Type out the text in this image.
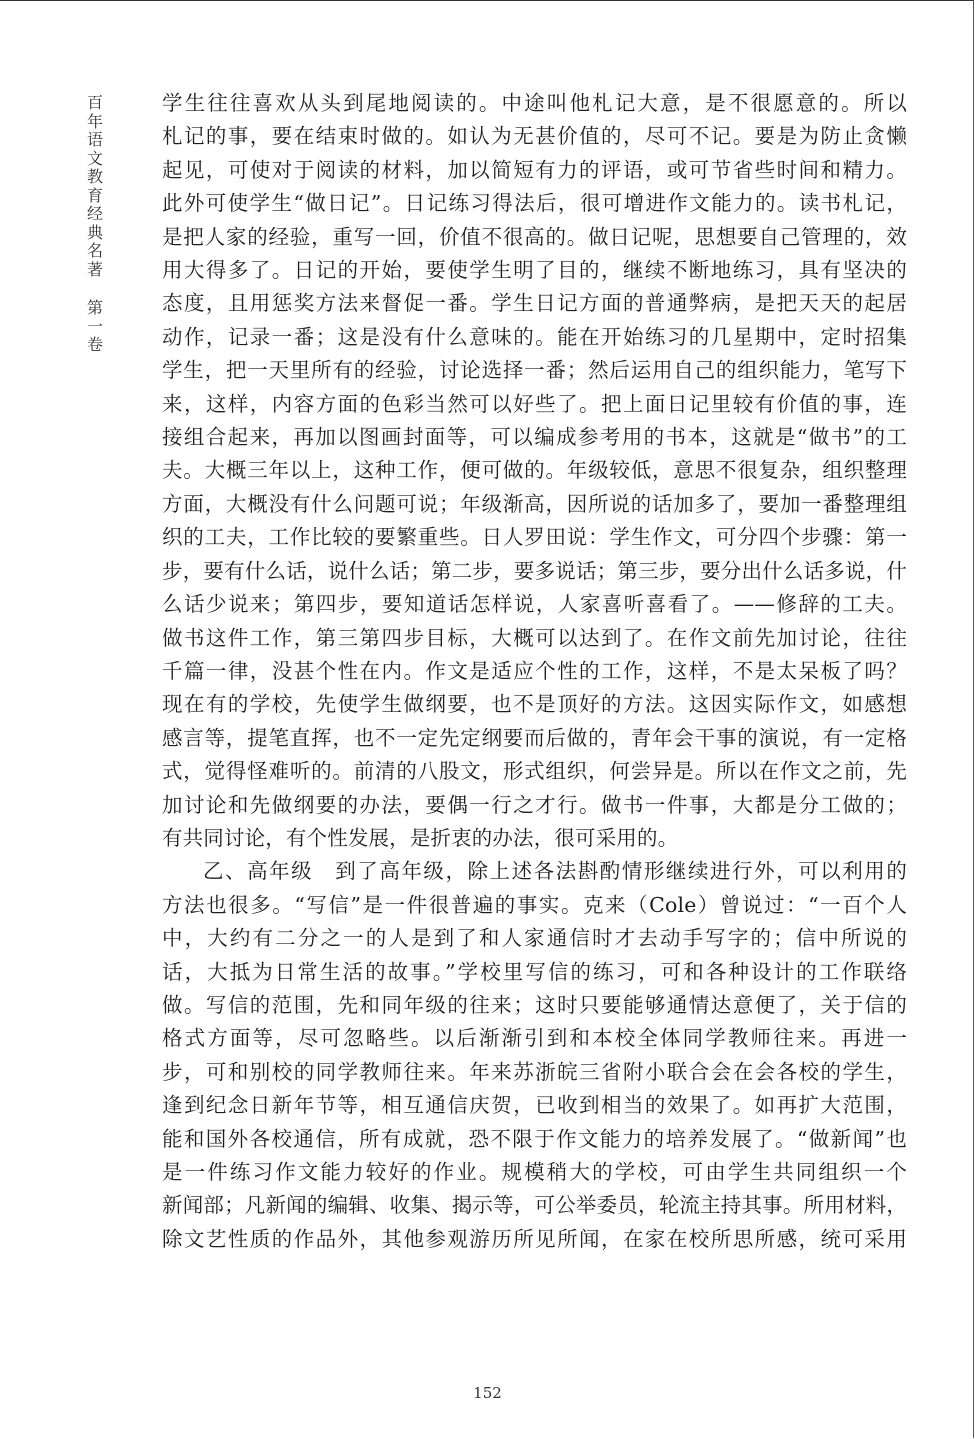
百
年
语
文
教
育
经
典
名
著
第
一
卷
学生往往喜欢从头到尾地阅读的。中途叫他札记大意，是不很愿意的。所以
札记的事，要在结束时做的。如认为无甚价值的，尽可不记。要是为防止贪懒
起见，可使对于阅读的材料，加以简短有力的评语，或可节省些时间和精力。
此外可使学生“做日记”。日记练习得法后，很可增进作文能力的。读书札记，
是把人家的经验，重写一回，价值不很高的。做日记呢，思想要自己管理的，效
用大得多了。日记的开始，要使学生明了目的，继续不断地练习，具有坚决的
态度，且用惩奖方法来督促一番。学生日记方面的普通弊病，是把天天的起居
动作，记录一番；这是没有什么意味的。能在开始练习的几星期中，定时招集
学生，把一天里所有的经验，讨论选择一番；然后运用自己的组织能力，笔写下
来，这样，内容方面的色彩当然可以好些了。把上面日记里较有价值的事，连
接组合起来，再加以图画封面等，可以编成参考用的书本，这就是“做书”的工
夫。大概三年以上，这种工作，便可做的。年级较低，意思不很复杂，组织整理
方面，大概没有什么问题可说；年级渐高，因所说的话加多了，要加一番整理组
织的工夫，工作比较的要繁重些。日人罗田说：学生作文，可分四个步骤：第一
步，要有什么话，说什么话；第二步，要多说话；第三步，要分出什么话多说，什
么话少说来；第四步，要知道话怎样说，人家喜听喜看了。——修辞的工夫。
做书这件工作，第三第四步目标，大概可以达到了。在作文前先加讨论，往往
千篇一律，没甚个性在内。作文是适应个性的工作，这样，不是太呆板了吗？
现在有的学校，先使学生做纲要，也不是顶好的方法。这因实际作文，如感想
感言等，提笔直挥，也不一定先定纲要而后做的，青年会干事的演说，有一定格
式，觉得怪难听的。前清的八股文，形式组织，何尝异是。所以在作文之前，先
加讨论和先做纲要的办法，要偶一行之才行。做书一件事，大都是分工做的；
有共同讨论，有个性发展，是折衷的办法，很可采用的。
乙、高年级　到了高年级，除上述各法斟酌情形继续进行外，可以利用的
方法也很多。“写信”是一件很普遍的事实。克来（Cole）曾说过：“一百个人
中，大约有二分之一的人是到了和人家通信时才去动手写字的；信中所说的
话，大抵为日常生活的故事。”学校里写信的练习，可和各种设计的工作联络
做。写信的范围，先和同年级的往来；这时只要能够通情达意便了，关于信的
格式方面等，尽可忽略些。以后渐渐引到和本校全体同学教师往来。再进一
步，可和别校的同学教师往来。年来苏浙皖三省附小联合会在会各校的学生，
逢到纪念日新年节等，相互通信庆贺，已收到相当的效果了。如再扩大范围，
能和国外各校通信，所有成就，恐不限于作文能力的培养发展了。“做新闻”也
是一件练习作文能力较好的作业。规模稍大的学校，可由学生共同组织一个
新闻部；凡新闻的编辑、收集、揭示等，可公举委员，轮流主持其事。所用材料，
除文艺性质的作品外，其他参观游历所见所闻，在家在校所思所感，统可采用
152
